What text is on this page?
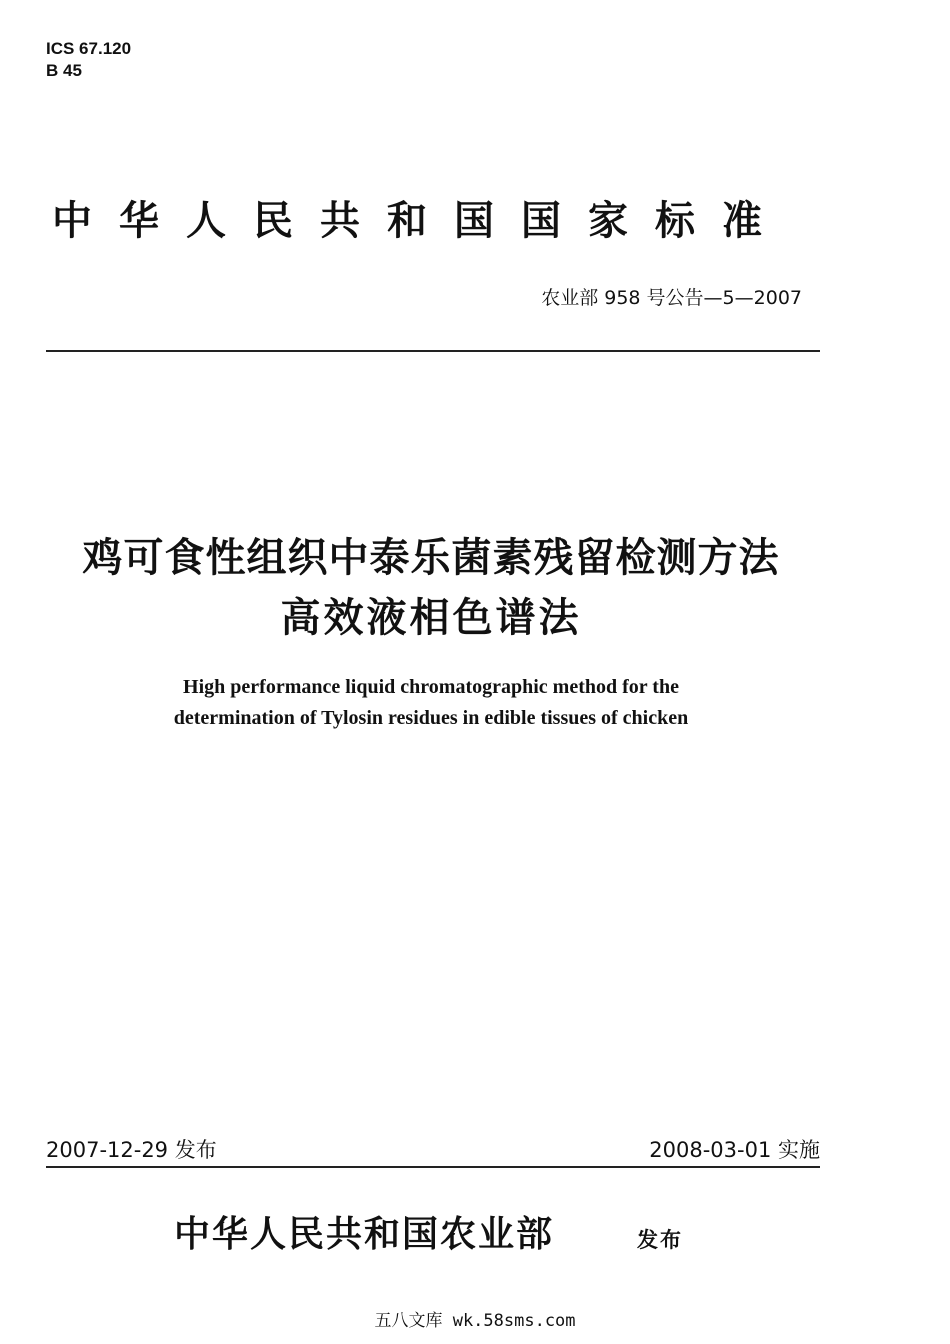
ICS 67.120
B 45
中华人民共和国国家标准
农业部 958 号公告—5—2007
鸡可食性组织中泰乐菌素残留检测方法
高效液相色谱法
High performance liquid chromatographic method for the
determination of Tylosin residues in edible tissues of chicken
2007-12-29 发布	2008-03-01 实施
中华人民共和国农业部	发布
五八文库 wk.58sms.com
